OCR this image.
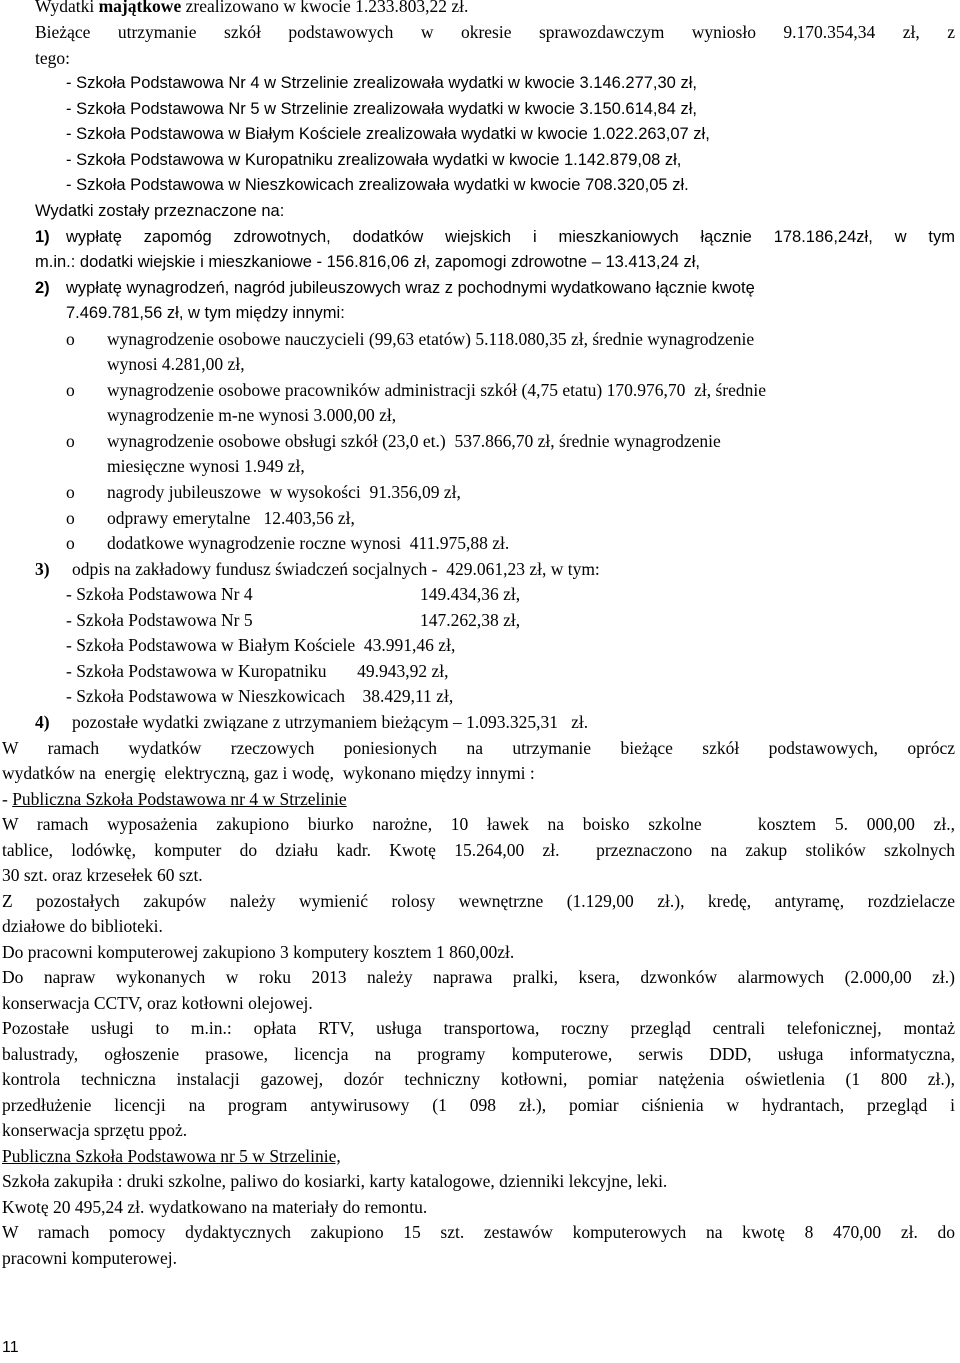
Wydatki majątkowe zrealizowano w kwocie 1.233.803,22 zł.
Bieżące utrzymanie szkół podstawowych w okresie sprawozdawczym wyniosło 9.170.354,34 zł, z
tego:
- Szkoła Podstawowa Nr 4 w Strzelinie zrealizowała wydatki w kwocie 3.146.277,30 zł,
- Szkoła Podstawowa Nr 5 w Strzelinie zrealizowała wydatki w kwocie 3.150.614,84 zł,
- Szkoła Podstawowa w Białym Kościele zrealizowała wydatki w kwocie 1.022.263,07 zł,
- Szkoła Podstawowa w Kuropatniku zrealizowała wydatki w kwocie 1.142.879,08 zł,
- Szkoła Podstawowa w Nieszkowicach zrealizowała wydatki w kwocie 708.320,05 zł.
Wydatki zostały przeznaczone na:
1) wypłatę zapomóg zdrowotnych, dodatków wiejskich i mieszkaniowych łącznie 178.186,24zł, w tym
m.in.: dodatki wiejskie i mieszkaniowe - 156.816,06 zł, zapomogi zdrowotne – 13.413,24 zł,
2) wypłatę wynagrodzeń, nagród jubileuszowych wraz z pochodnymi wydatkowano łącznie kwotę
7.469.781,56 zł, w tym między innymi:
o wynagrodzenie osobowe nauczycieli (99,63 etatów) 5.118.080,35 zł, średnie wynagrodzenie
wynosi 4.281,00 zł,
o wynagrodzenie osobowe pracowników administracji szkół (4,75 etatu) 170.976,70  zł, średnie
wynagrodzenie m-ne wynosi 3.000,00 zł,
o wynagrodzenie osobowe obsługi szkół (23,0 et.)  537.866,70 zł, średnie wynagrodzenie
miesięczne wynosi 1.949 zł,
o nagrody jubileuszowe  w wysokości  91.356,09 zł,
o odprawy emerytalne   12.403,56 zł,
o dodatkowe wynagrodzenie roczne wynosi  411.975,88 zł.
3) odpis na zakładowy fundusz świadczeń socjalnych -  429.061,23 zł, w tym:
- Szkoła Podstawowa Nr 4	149.434,36 zł,
- Szkoła Podstawowa Nr 5	147.262,38 zł,
- Szkoła Podstawowa w Białym Kościele  43.991,46 zł,
- Szkoła Podstawowa w Kuropatniku       49.943,92 zł,
- Szkoła Podstawowa w Nieszkowicach    38.429,11 zł,
4) pozostałe wydatki związane z utrzymaniem bieżącym – 1.093.325,31   zł.
W ramach wydatków rzeczowych poniesionych na utrzymanie bieżące szkół podstawowych, oprócz
wydatków na  energię  elektryczną, gaz i wodę,  wykonano między innymi :
- Publiczna Szkoła Podstawowa nr 4 w Strzelinie
W ramach wyposażenia zakupiono biurko narożne, 10 ławek na boisko szkolne   kosztem 5. 000,00 zł.,
tablice, lodówkę, komputer do działu kadr. Kwotę 15.264,00 zł.  przeznaczono na zakup stolików szkolnych
30 szt. oraz krzesełek 60 szt.
Z pozostałych zakupów należy wymienić rolosy wewnętrzne (1.129,00 zł.), kredę, antyramę, rozdzielacze
działowe do biblioteki.
Do pracowni komputerowej zakupiono 3 komputery kosztem 1 860,00zł.
Do napraw wykonanych w roku 2013 należy naprawa pralki, ksera, dzwonków alarmowych (2.000,00 zł.)
konserwacja CCTV, oraz kotłowni olejowej.
Pozostałe usługi to m.in.: opłata RTV, usługa transportowa, roczny przegląd centrali telefonicznej, montaż
balustrady, ogłoszenie prasowe, licencja na programy komputerowe, serwis DDD, usługa informatyczna,
kontrola techniczna instalacji gazowej, dozór techniczny kotłowni, pomiar natężenia oświetlenia (1 800 zł.),
przedłużenie licencji na program antywirusowy (1 098 zł.), pomiar ciśnienia w hydrantach, przegląd i
konserwacja sprzętu ppoż.
Publiczna Szkoła Podstawowa nr 5 w Strzelinie,
Szkoła zakupiła : druki szkolne, paliwo do kosiarki, karty katalogowe, dzienniki lekcyjne, leki.
Kwotę 20 495,24 zł. wydatkowano na materiały do remontu.
W ramach pomocy dydaktycznych zakupiono 15 szt. zestawów komputerowych na kwotę 8 470,00 zł. do
pracowni komputerowej.
11
